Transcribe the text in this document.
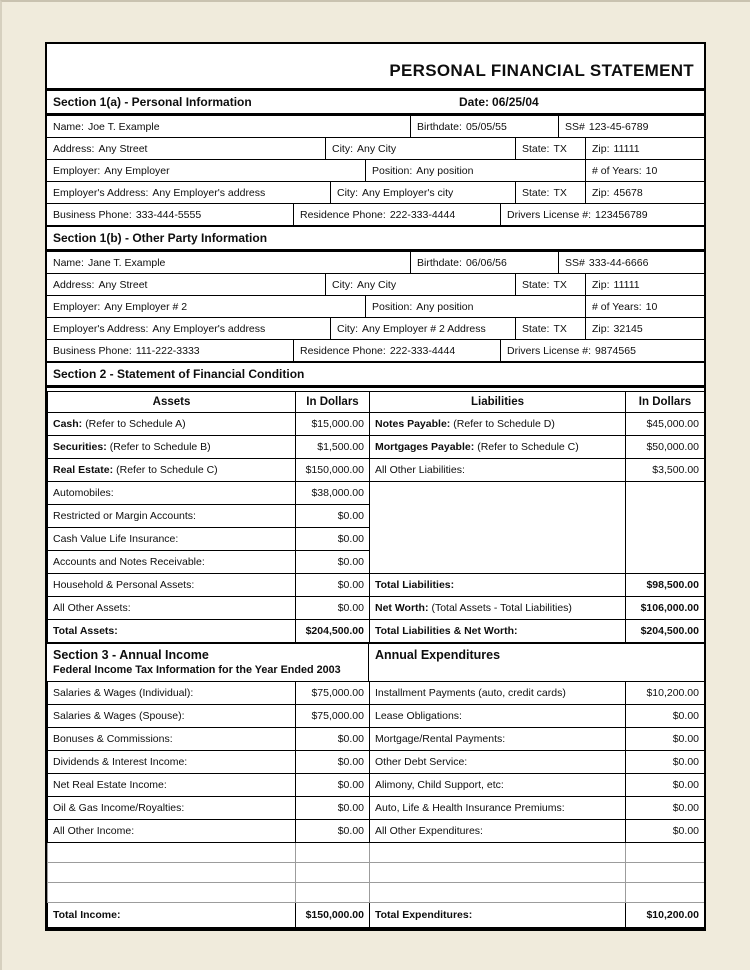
PERSONAL FINANCIAL STATEMENT
Section 1(a) - Personal Information	Date: 06/25/04
Name: Joe T. Example	Birthdate: 05/05/55	SS# 123-45-6789
Address: Any Street	City: Any City	State: TX Zip: 11111
Employer: Any Employer	Position: Any position	# of Years: 10
Employer's Address: Any Employer's address	City: Any Employer's city	State: TX Zip: 45678
Business Phone: 333-444-5555	Residence Phone: 222-333-4444	Drivers License #: 123456789
Section 1(b) - Other Party Information
Name: Jane T. Example	Birthdate: 06/06/56	SS# 333-44-6666
Address: Any Street	City: Any City	State: TX Zip: 11111
Employer: Any Employer # 2	Position: Any position	# of Years: 10
Employer's Address: Any Employer's address	City: Any Employer # 2 Address	State: TX Zip: 32145
Business Phone: 111-222-3333	Residence Phone: 222-333-4444	Drivers License #: 9874565
Section 2 - Statement of Financial Condition
Assets	In Dollars	Liabilities	In Dollars
Cash: (Refer to Schedule A)	$15,000.00	Notes Payable: (Refer to Schedule D)	$45,000.00
Securities: (Refer to Schedule B)	$1,500.00	Mortgages Payable: (Refer to Schedule C)	$50,000.00
Real Estate: (Refer to Schedule C)	$150,000.00	All Other Liabilities:	$3,500.00
Automobiles:	$38,000.00		
Restricted or Margin Accounts:	$0.00		
Cash Value Life Insurance:	$0.00		
Accounts and Notes Receivable:	$0.00		
Household & Personal Assets:	$0.00	Total Liabilities:	$98,500.00
All Other Assets:	$0.00	Net Worth: (Total Assets - Total Liabilities)	$106,000.00
Total Assets:	$204,500.00	Total Liabilities & Net Worth:	$204,500.00
Section 3 - Annual Income
Federal Income Tax Information for the Year Ended 2003
Annual Expenditures
Salaries & Wages (Individual):	$75,000.00	Installment Payments (auto, credit cards)	$10,200.00
Salaries & Wages (Spouse):	$75,000.00	Lease Obligations:	$0.00
Bonuses & Commissions:	$0.00	Mortgage/Rental Payments:	$0.00
Dividends & Interest Income:	$0.00	Other Debt Service:	$0.00
Net Real Estate Income:	$0.00	Alimony, Child Support, etc:	$0.00
Oil & Gas Income/Royalties:	$0.00	Auto, Life & Health Insurance Premiums:	$0.00
All Other Income:	$0.00	All Other Expenditures:	$0.00

Total Income:	$150,000.00	Total Expenditures:	$10,200.00
